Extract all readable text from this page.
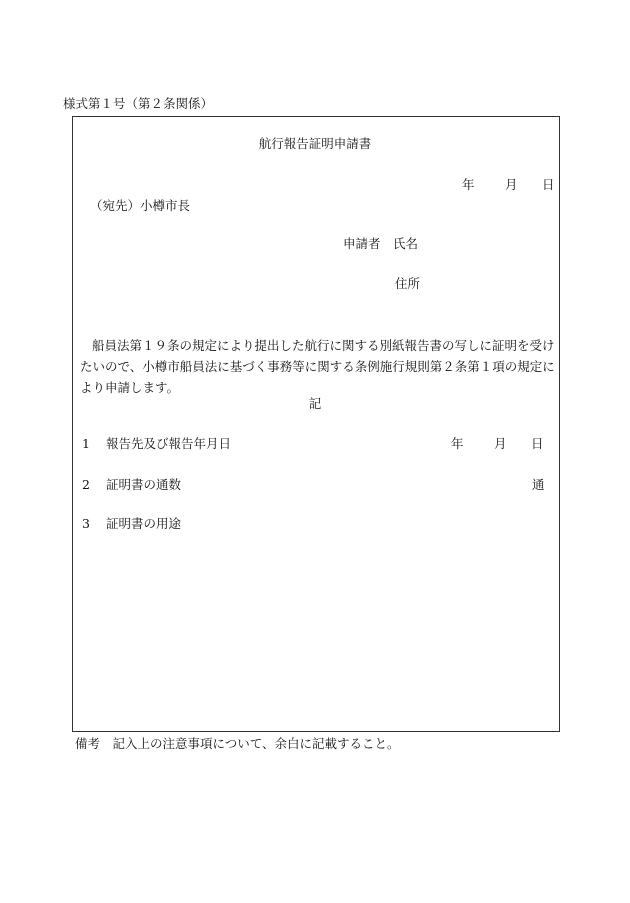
様式第１号（第２条関係）
航行報告証明申請書
年 月 日
（宛先）小樽市長
申請者　 氏名
住所
船員法第１９条の規定により提出した航行に関する別紙報告書の写しに証明を受けたいので、小樽市船員法に基づく事務等に関する条例施行規則第２条第１項の規定により申請します。
記
1 報告先及び報告年月日	年 月 日
2 証明書の通数	通
3 証明書の用途
備考　記入上の注意事項について、余白に記載すること。
